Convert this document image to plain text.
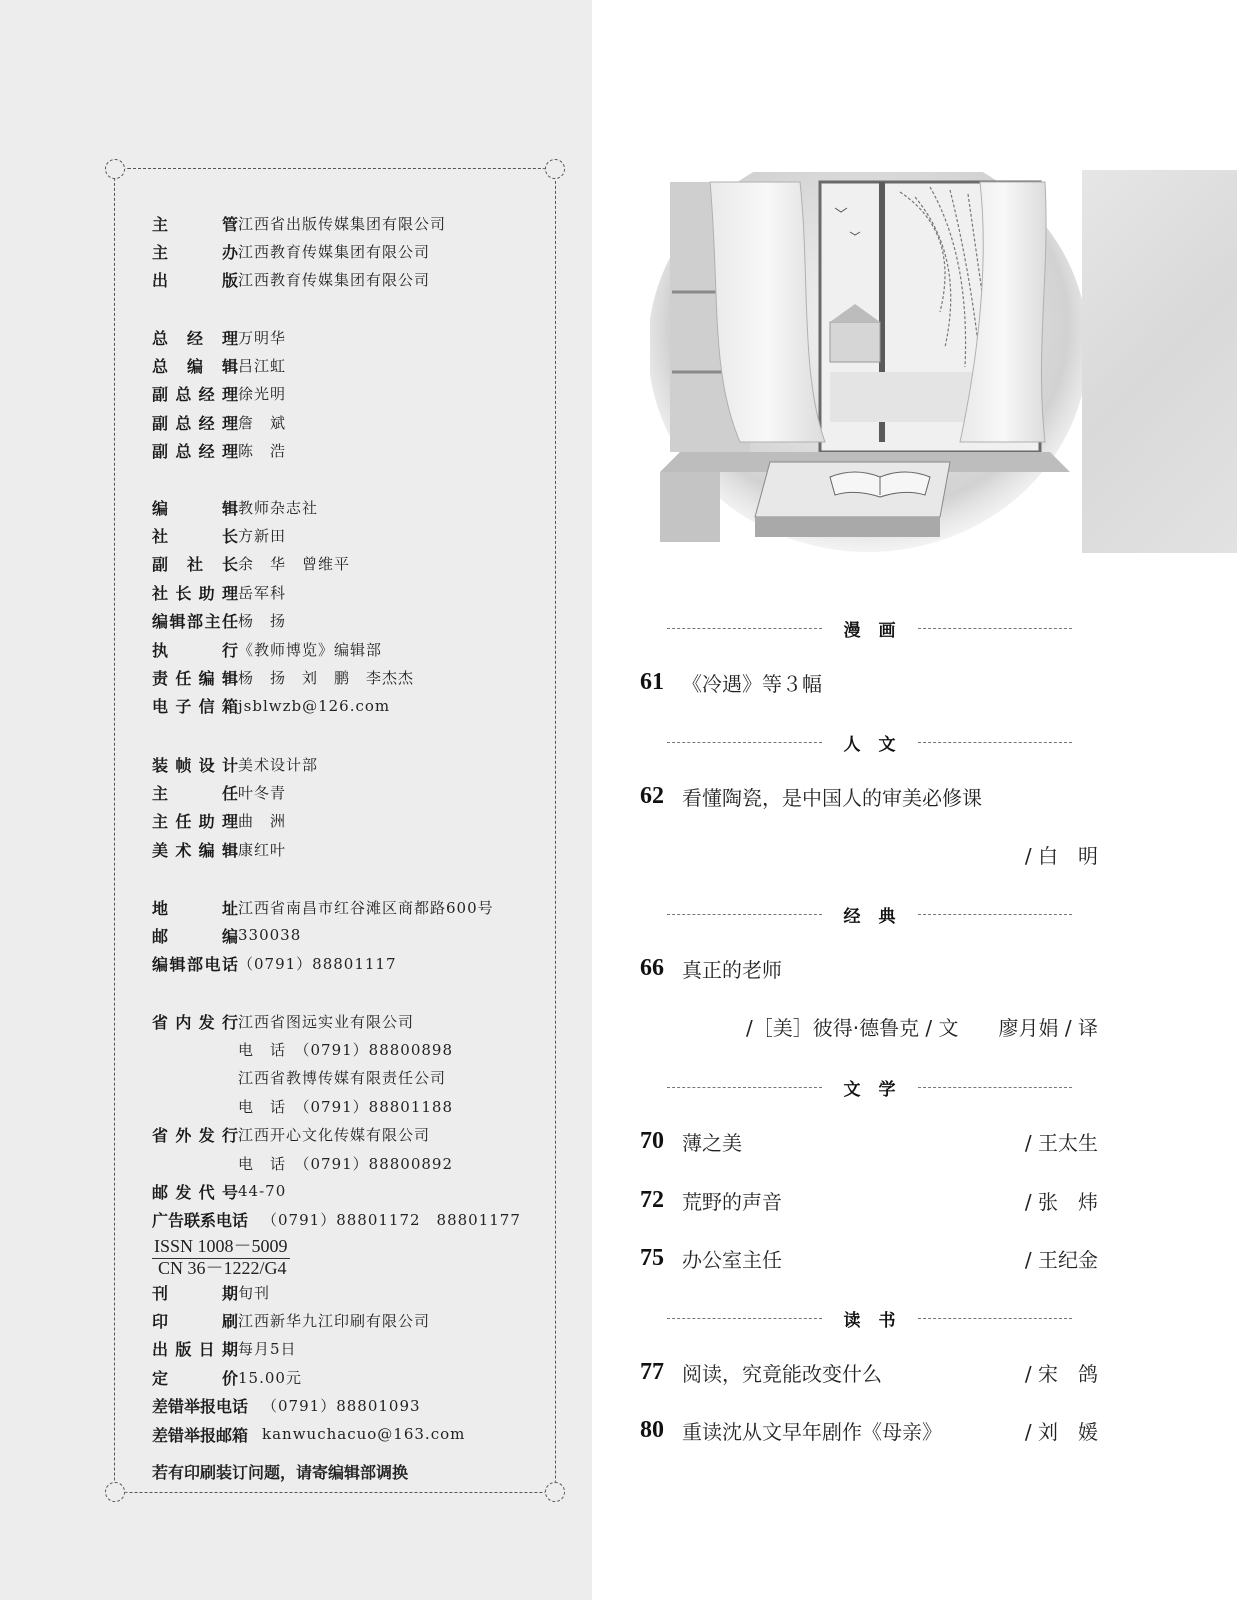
主　　管 江西省出版传媒集团有限公司
主　　办 江西教育传媒集团有限公司
出　　版 江西教育传媒集团有限公司
总 经 理 万明华
总 编 辑 吕江虹
副总经理 徐光明
副总经理 詹　斌
副总经理 陈　浩
编　　辑 教师杂志社
社　　长 方新田
副 社 长 余　华　曾维平
社长助理 岳军科
编辑部主任 杨　扬
执　　行 《教师博览》编辑部
责任编辑 杨　扬　刘　鹏　李杰杰
电子信箱 jsblwzb@126.com
装帧设计 美术设计部
主　　任 叶冬青
主任助理 曲　洲
美术编辑 康红叶
地　　址 江西省南昌市红谷滩区商都路600号
邮　　编 330038
编辑部电话 （0791）88801117
省内发行 江西省图远实业有限公司
电　话　（0791）88800898
江西省教博传媒有限责任公司
电　话　（0791）88801188
省外发行 江西开心文化传媒有限公司
电　话　（0791）88800892
邮发代号 44-70
广告联系电话 （0791）88801172　88801177
ISSN 1008－5009
CN 36－1222/G4
刊　　期 旬刊
印　　刷 江西新华九江印刷有限公司
出版日期 每月5日
定　　价 15.00元
差错举报电话 （0791）88801093
差错举报邮箱 kanwuchacuo@163.com
若有印刷装订问题，请寄编辑部调换
漫画
61 《冷遇》等３幅
人文
62 看懂陶瓷，是中国人的审美必修课
/ 白　明
经典
66 真正的老师
/［美］彼得·德鲁克 / 文　　廖月娟 / 译
文学
70 薄之美	/ 王太生
72 荒野的声音	/ 张　炜
75 办公室主任	/ 王纪金
读书
77 阅读，究竟能改变什么	/ 宋　鸽
80 重读沈从文早年剧作《母亲》	/ 刘　媛
